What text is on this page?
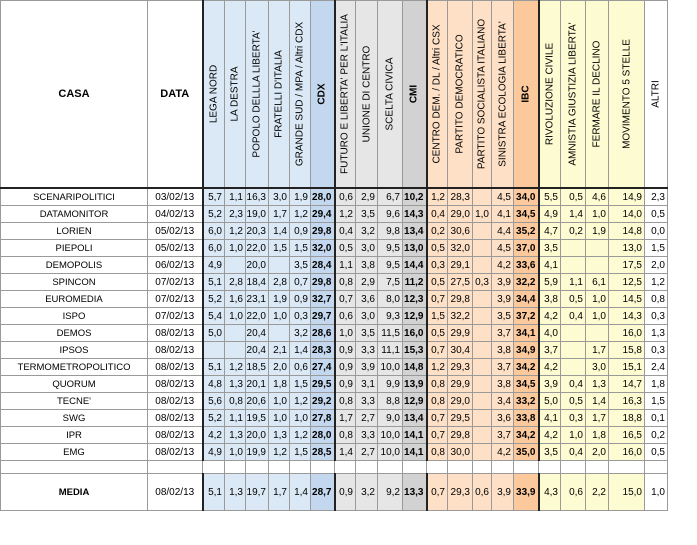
CASA	DATA	LEGA NORD	LA DESTRA	POPOLO DELLLA LIBERTA'	FRATELLI D'ITALIA	GRANDE SUD / MPA / Altri CDX	CDX	FUTURO E LIBERTA' PER L'ITALIA	UNIONE DI CENTRO	SCELTA CIVICA	CMI	CENTRO DEM. / DL / Altri CSX	PARTITO DEMOCRATICO	PARTITO SOCIALISTA ITALIANO	SINISTRA ECOLOGIA LIBERTA'	IBC	RIVOLUZIONE CIVILE	AMNISTIA GIUSTIZIA LIBERTA'	FERMARE IL DECLINO	MOVIMENTO 5 STELLE	ALTRI

SCENARIPOLITICI	03/02/13	5,7	1,1	16,3	3,0	1,9	28,0	0,6	2,9	6,7	10,2	1,2	28,3		4,5	34,0	5,5	0,5	4,6	14,9	2,3
DATAMONITOR	04/02/13	5,2	2,3	19,0	1,7	1,2	29,4	1,2	3,5	9,6	14,3	0,4	29,0	1,0	4,1	34,5	4,9	1,4	1,0	14,0	0,5
LORIEN	05/02/13	6,0	1,2	20,3	1,4	0,9	29,8	0,4	3,2	9,8	13,4	0,2	30,6		4,4	35,2	4,7	0,2	1,9	14,8	0,0
PIEPOLI	05/02/13	6,0	1,0	22,0	1,5	1,5	32,0	0,5	3,0	9,5	13,0	0,5	32,0		4,5	37,0	3,5			13,0	1,5
DEMOPOLIS	06/02/13	4,9		20,0		3,5	28,4	1,1	3,8	9,5	14,4	0,3	29,1		4,2	33,6	4,1			17,5	2,0
SPINCON	07/02/13	5,1	2,8	18,4	2,8	0,7	29,8	0,8	2,9	7,5	11,2	0,5	27,5	0,3	3,9	32,2	5,9	1,1	6,1	12,5	1,2
EUROMEDIA	07/02/13	5,2	1,6	23,1	1,9	0,9	32,7	0,7	3,6	8,0	12,3	0,7	29,8		3,9	34,4	3,8	0,5	1,0	14,5	0,8
ISPO	07/02/13	5,4	1,0	22,0	1,0	0,3	29,7	0,6	3,0	9,3	12,9	1,5	32,2		3,5	37,2	4,2	0,4	1,0	14,3	0,3
DEMOS	08/02/13	5,0		20,4		3,2	28,6	1,0	3,5	11,5	16,0	0,5	29,9		3,7	34,1	4,0			16,0	1,3
IPSOS	08/02/13			20,4	2,1	1,4	28,3	0,9	3,3	11,1	15,3	0,7	30,4		3,8	34,9	3,7		1,7	15,8	0,3
TERMOMETROPOLITICO	08/02/13	5,1	1,2	18,5	2,0	0,6	27,4	0,9	3,9	10,0	14,8	1,2	29,3		3,7	34,2	4,2		3,0	15,1	2,4
QUORUM	08/02/13	4,8	1,3	20,1	1,8	1,5	29,5	0,9	3,1	9,9	13,9	0,8	29,9		3,8	34,5	3,9	0,4	1,3	14,7	1,8
TECNE'	08/02/13	5,6	0,8	20,6	1,0	1,2	29,2	0,8	3,3	8,8	12,9	0,8	29,0		3,4	33,2	5,0	0,5	1,4	16,3	1,5
SWG	08/02/13	5,2	1,1	19,5	1,0	1,0	27,8	1,7	2,7	9,0	13,4	0,7	29,5		3,6	33,8	4,1	0,3	1,7	18,8	0,1
IPR	08/02/13	4,2	1,3	20,0	1,3	1,2	28,0	0,8	3,3	10,0	14,1	0,7	29,8		3,7	34,2	4,2	1,0	1,8	16,5	0,2
EMG	08/02/13	4,9	1,0	19,9	1,2	1,5	28,5	1,4	2,7	10,0	14,1	0,8	30,0		4,2	35,0	3,5	0,4	2,0	16,0	0,5

MEDIA	08/02/13	5,1	1,3	19,7	1,7	1,4	28,7	0,9	3,2	9,2	13,3	0,7	29,3	0,6	3,9	33,9	4,3	0,6	2,2	15,0	1,0
